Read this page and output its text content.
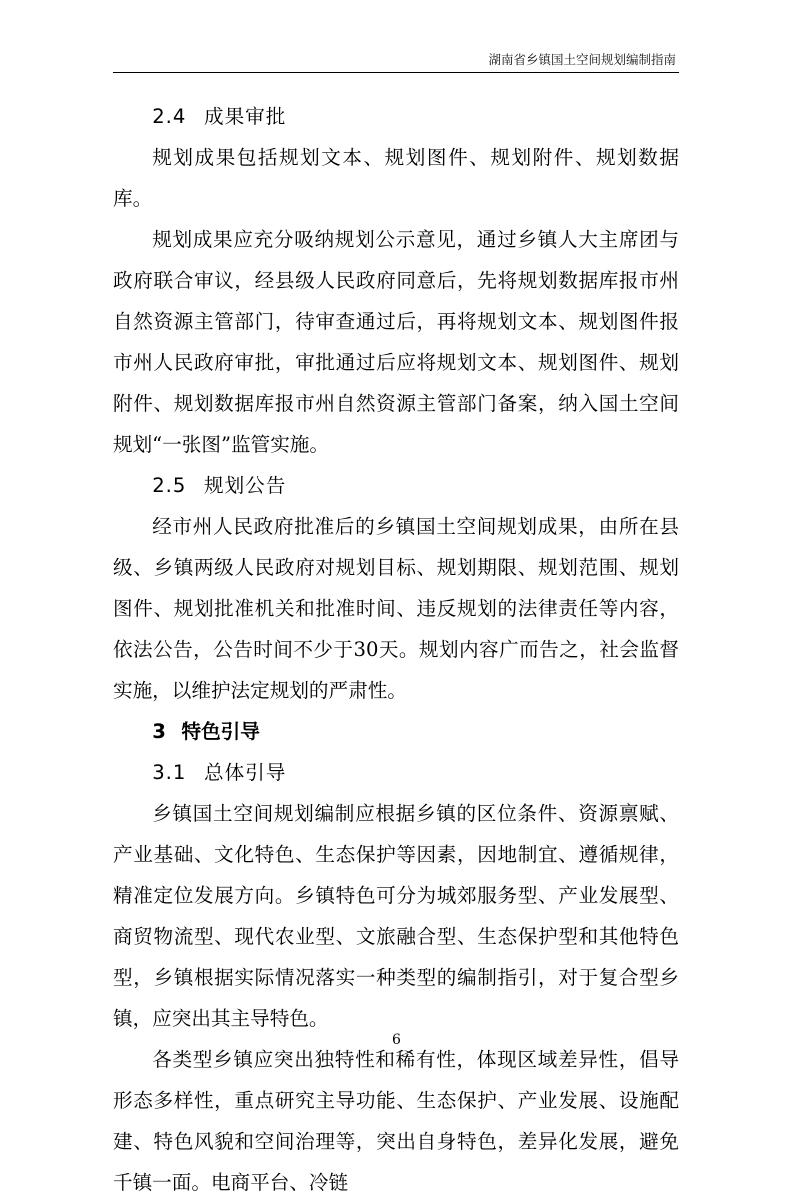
湖南省乡镇国土空间规划编制指南
2.4 成果审批

规划成果包括规划文本、规划图件、规划附件、规划数据库。

规划成果应充分吸纳规划公示意见，通过乡镇人大主席团与政府联合审议，经县级人民政府同意后，先将规划数据库报市州自然资源主管部门，待审查通过后，再将规划文本、规划图件报市州人民政府审批，审批通过后应将规划文本、规划图件、规划附件、规划数据库报市州自然资源主管部门备案，纳入国土空间规划“一张图”监管实施。

2.5 规划公告

经市州人民政府批准后的乡镇国土空间规划成果，由所在县级、乡镇两级人民政府对规划目标、规划期限、规划范围、规划图件、规划批准机关和批准时间、违反规划的法律责任等内容，依法公告，公告时间不少于30天。规划内容广而告之，社会监督实施，以维护法定规划的严肃性。

3 特色引导
3.1 总体引导

乡镇国土空间规划编制应根据乡镇的区位条件、资源禀赋、产业基础、文化特色、生态保护等因素，因地制宜、遵循规律，精准定位发展方向。乡镇特色可分为城郊服务型、产业发展型、商贸物流型、现代农业型、文旅融合型、生态保护型和其他特色型，乡镇根据实际情况落实一种类型的编制指引，对于复合型乡镇，应突出其主导特色。

各类型乡镇应突出独特性和稀有性，体现区域差异性，倡导形态多样性，重点研究主导功能、生态保护、产业发展、设施配建、特色风貌和空间治理等，突出自身特色，差异化发展，避免千镇一面。电商平台、冷链

6
